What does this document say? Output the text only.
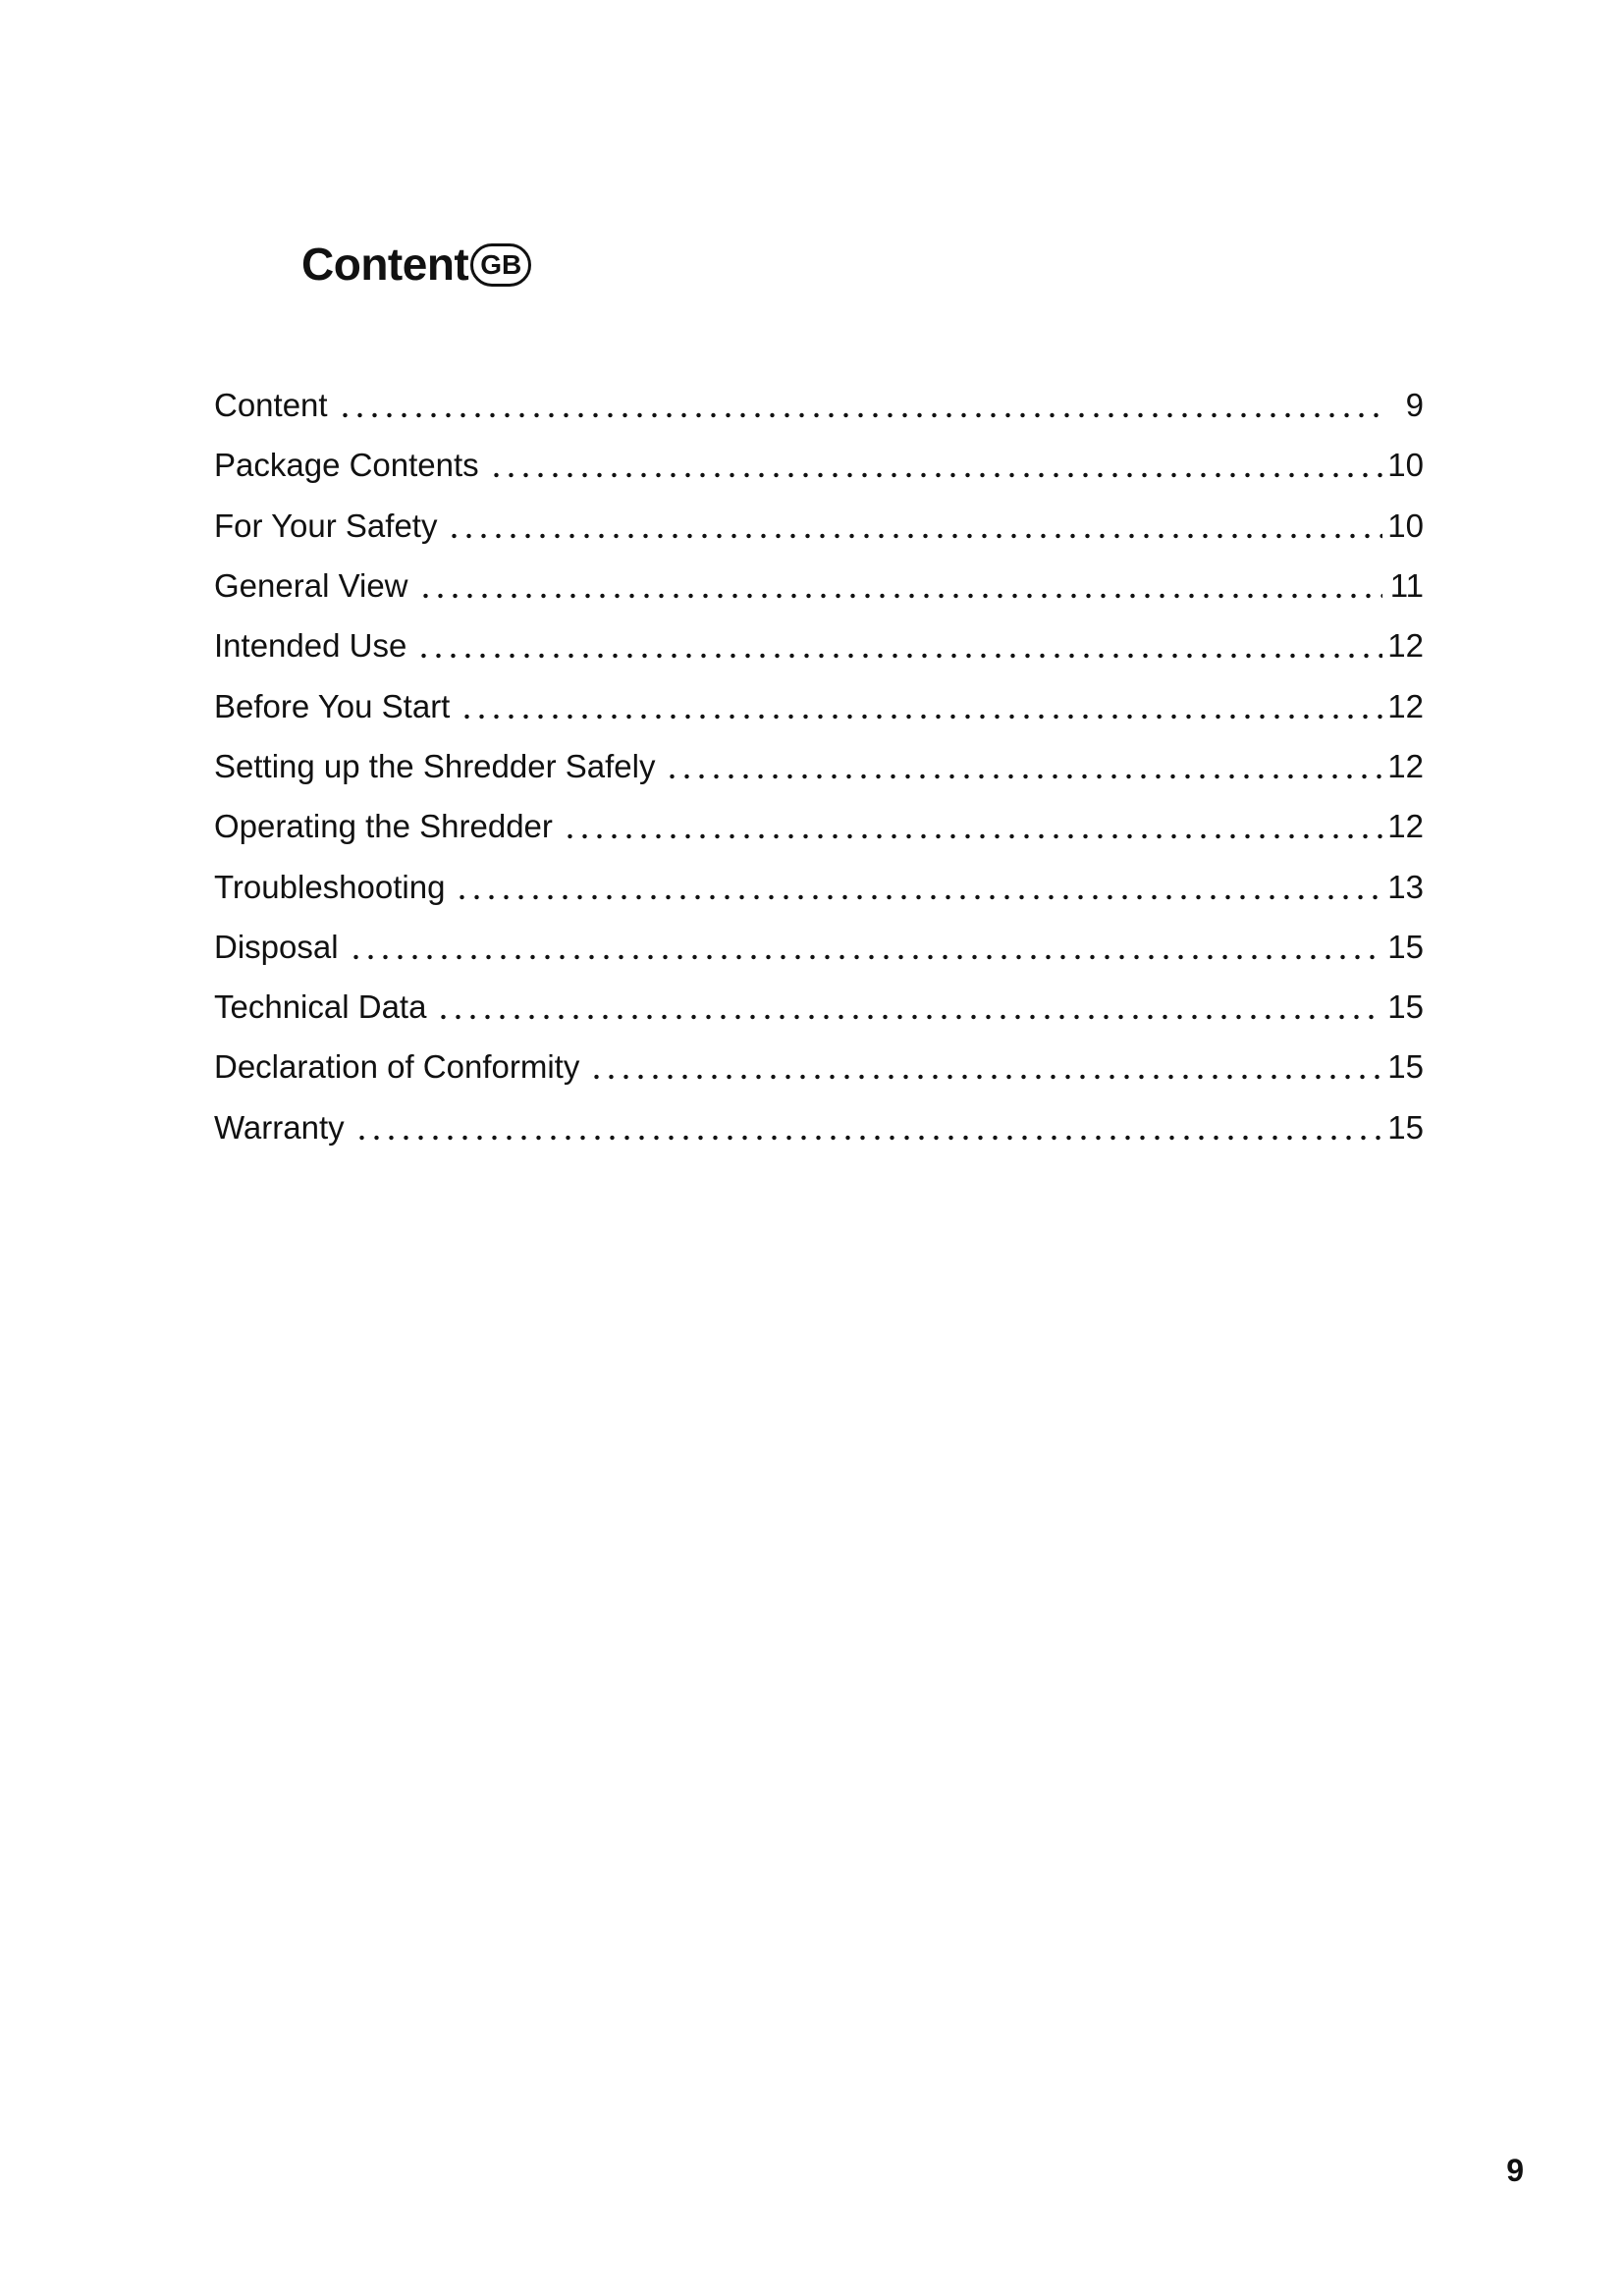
Content GB
Content	9
Package Contents	10
For Your Safety	10
General View	11
Intended Use	12
Before You Start	12
Setting up the Shredder Safely	12
Operating the Shredder	12
Troubleshooting	13
Disposal	15
Technical Data	15
Declaration of Conformity	15
Warranty	15
9
